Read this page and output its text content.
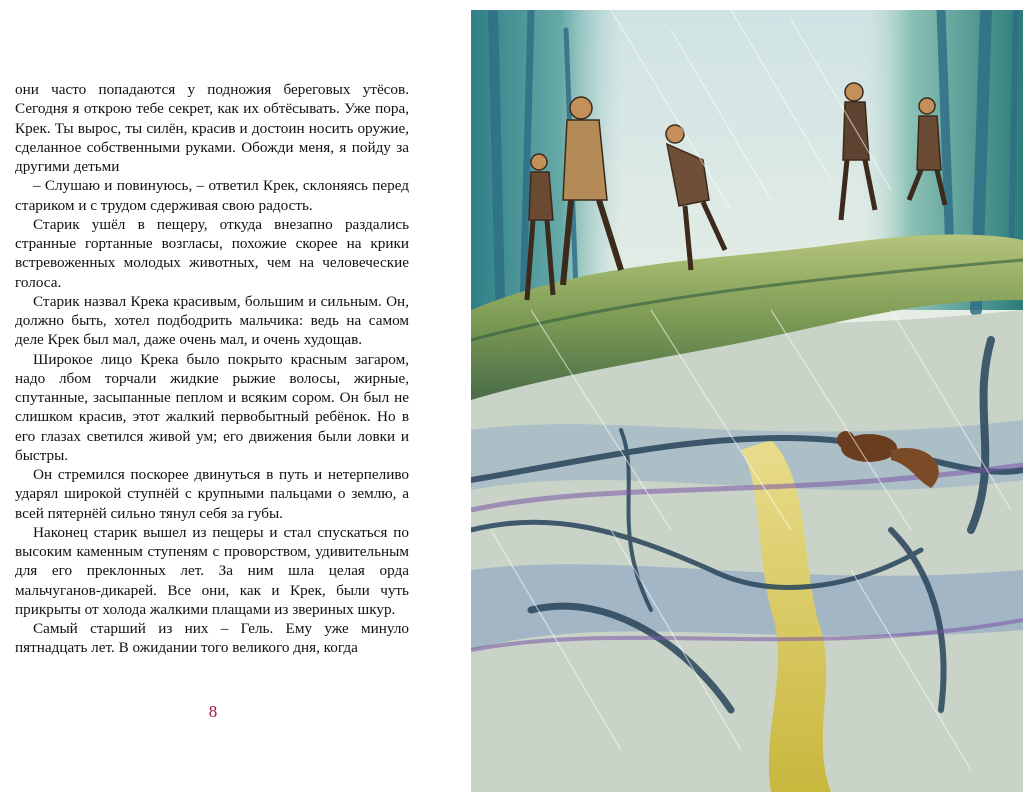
они часто попадаются у подножия береговых утёсов. Сегодня я открою тебе секрет, как их обтёсывать. Уже пора, Крек. Ты вырос, ты силён, красив и достоин носить оружие, сделанное собственными руками. Обожди меня, я пойду за другими детьми

– Слушаю и повинуюсь, – ответил Крек, склоняясь перед стариком и с трудом сдерживая свою радость.

Старик ушёл в пещеру, откуда внезапно раздались странные гортанные возгласы, похожие скорее на крики встревоженных молодых животных, чем на человеческие голоса.

Старик назвал Крека красивым, большим и сильным. Он, должно быть, хотел подбодрить мальчика: ведь на самом деле Крек был мал, даже очень мал, и очень худощав.

Широкое лицо Крека было покрыто красным загаром, надо лбом торчали жидкие рыжие волосы, жирные, спутанные, засыпанные пеплом и всяким сором. Он был не слишком красив, этот жалкий первобытный ребёнок. Но в его глазах светился живой ум; его движения были ловки и быстры.

Он стремился поскорее двинуться в путь и нетерпеливо ударял широкой ступнёй с крупными пальцами о землю, а всей пятернёй сильно тянул себя за губы.

Наконец старик вышел из пещеры и стал спускаться по высоким каменным ступеням с проворством, удивительным для его преклонных лет. За ним шла целая орда мальчуганов-дикарей. Все они, как и Крек, были чуть прикрыты от холода жалкими плащами из звериных шкур.

Самый старший из них – Гель. Ему уже минуло пятнадцать лет. В ожидании того великого дня, когда

8
